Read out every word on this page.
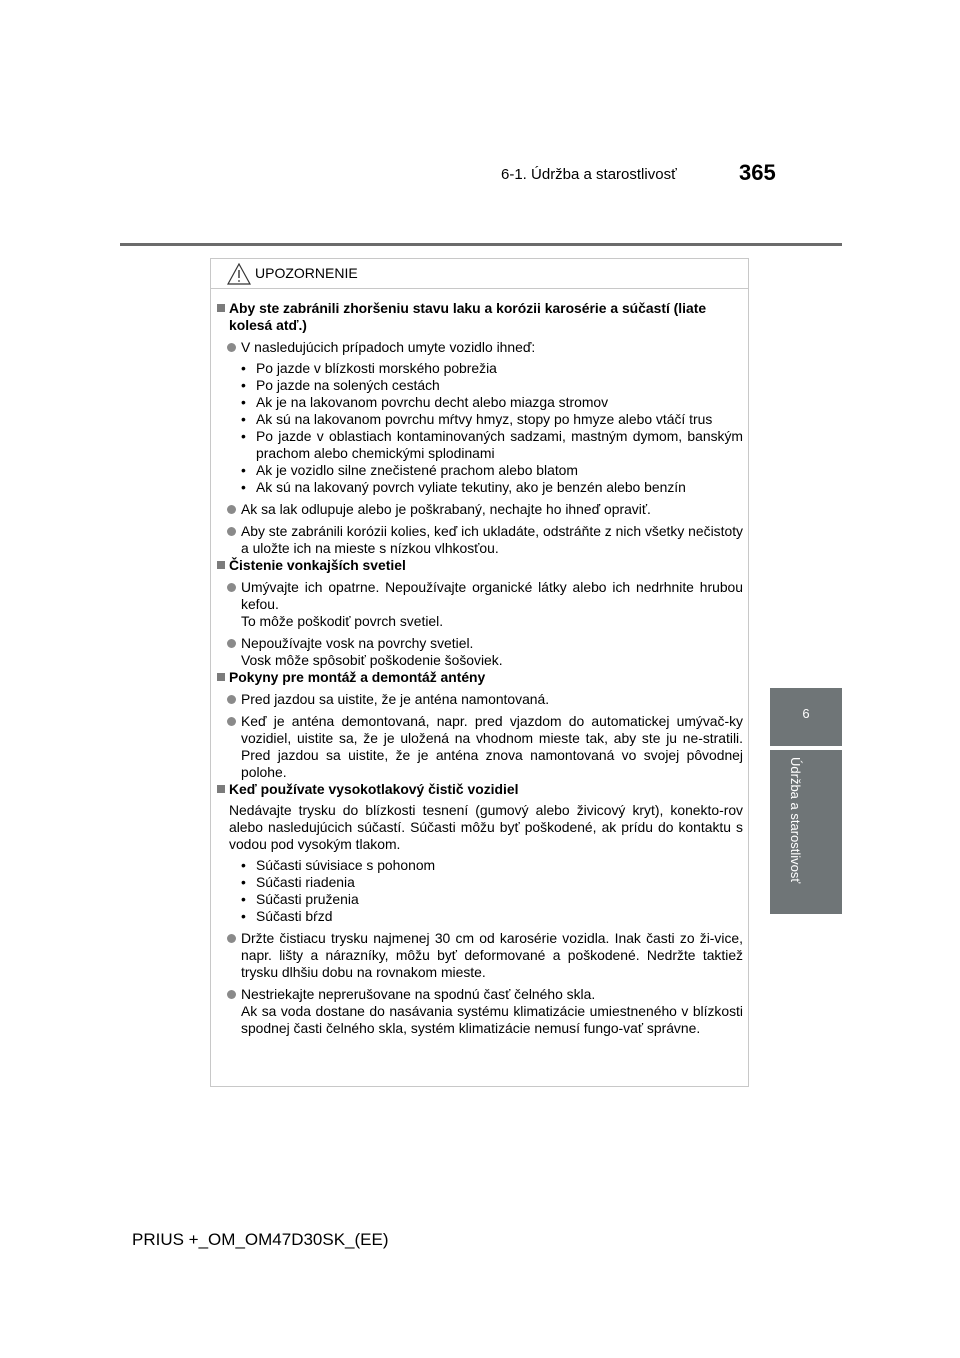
6-1. Údržba a starostlivosť	365
6
Údržba a starostlivosť
UPOZORNENIE

Aby ste zabránili zhoršeniu stavu laku a korózii karosérie a súčastí (liate kolesá atď.)

V nasledujúcich prípadoch umyte vozidlo ihneď:
• Po jazde v blízkosti morského pobrežia
• Po jazde na solených cestách
• Ak je na lakovanom povrchu decht alebo miazga stromov
• Ak sú na lakovanom povrchu mŕtvy hmyz, stopy po hmyze alebo vtáčí trus
• Po jazde v oblastiach kontaminovaných sadzami, mastným dymom, banským prachom alebo chemickými splodinami
• Ak je vozidlo silne znečistené prachom alebo blatom
• Ak sú na lakovaný povrch vyliate tekutiny, ako je benzén alebo benzín
Ak sa lak odlupuje alebo je poškrabaný, nechajte ho ihneď opraviť.
Aby ste zabránili korózii kolies, keď ich ukladáte, odstráňte z nich všetky nečistoty a uložte ich na mieste s nízkou vlhkosťou.

Čistenie vonkajších svetiel

Umývajte ich opatrne. Nepoužívajte organické látky alebo ich nedrhnite hrubou kefou.
To môže poškodiť povrch svetiel.
Nepoužívajte vosk na povrchy svetiel.
Vosk môže spôsobiť poškodenie šošoviek.

Pokyny pre montáž a demontáž antény

Pred jazdou sa uistite, že je anténa namontovaná.
Keď je anténa demontovaná, napr. pred vjazdom do automatickej umývač-ky vozidiel, uistite sa, že je uložená na vhodnom mieste tak, aby ste ju ne-stratili. Pred jazdou sa uistite, že je anténa znova namontovaná vo svojej pôvodnej polohe.

Keď používate vysokotlakový čistič vozidiel

Nedávajte trysku do blízkosti tesnení (gumový alebo živicový kryt), konekto-rov alebo nasledujúcich súčastí. Súčasti môžu byť poškodené, ak prídu do kontaktu s vodou pod vysokým tlakom.
• Súčasti súvisiace s pohonom
• Súčasti riadenia
• Súčasti pruženia
• Súčasti bŕzd
Držte čistiacu trysku najmenej 30 cm od karosérie vozidla. Inak časti zo ži-vice, napr. lišty a nárazníky, môžu byť deformované a poškodené. Nedržte taktiež trysku dlhšiu dobu na rovnakom mieste.
Nestriekajte neprerušovane na spodnú časť čelného skla.
Ak sa voda dostane do nasávania systému klimatizácie umiestneného v blízkosti spodnej časti čelného skla, systém klimatizácie nemusí fungo-vať správne.
PRIUS +_OM_OM47D30SK_(EE)
